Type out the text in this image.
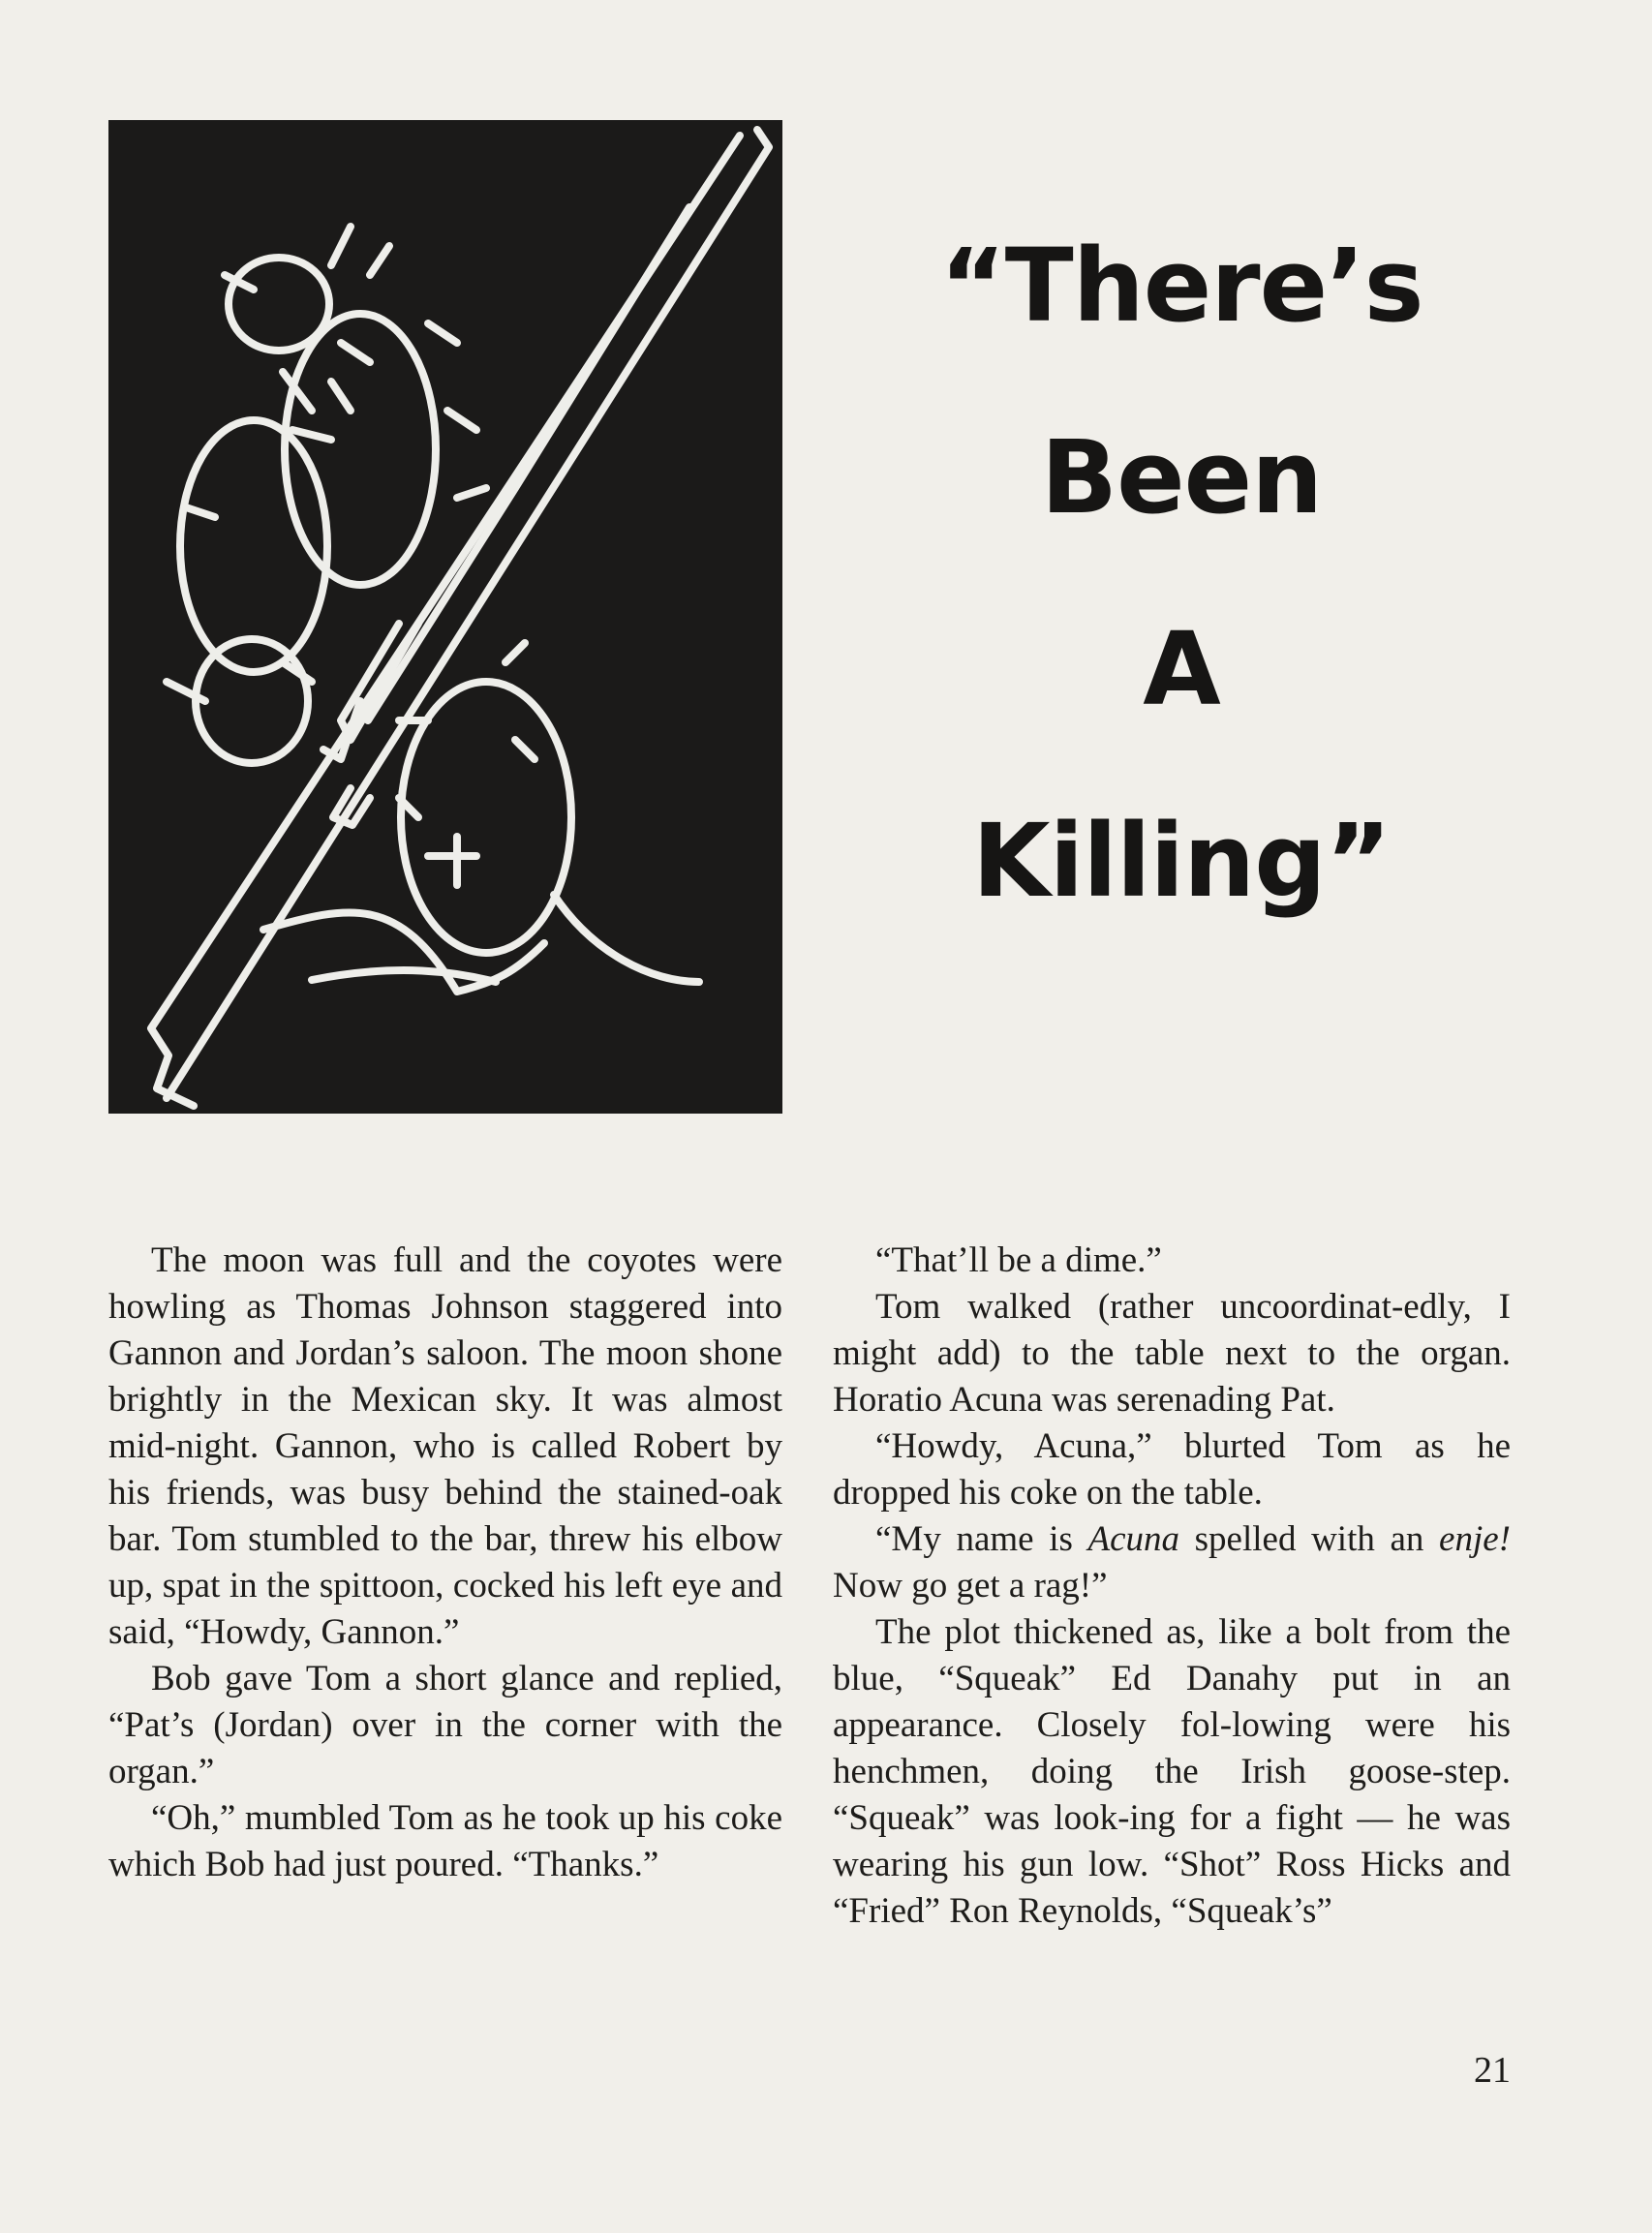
“There’s
Been
A
Killing”

The moon was full and the coyotes were howling as Thomas Johnson staggered into Gannon and Jordan’s saloon. The moon shone brightly in the Mexican sky. It was almost mid-night. Gannon, who is called Robert by his friends, was busy behind the stained-oak bar. Tom stumbled to the bar, threw his elbow up, spat in the spittoon, cocked his left eye and said, “Howdy, Gannon.”

Bob gave Tom a short glance and replied, “Pat’s (Jordan) over in the corner with the organ.”

“Oh,” mumbled Tom as he took up his coke which Bob had just poured. “Thanks.”

“That’ll be a dime.”

Tom walked (rather uncoordinat-edly, I might add) to the table next to the organ. Horatio Acuna was serenading Pat.

“Howdy, Acuna,” blurted Tom as he dropped his coke on the table.

“My name is Acuna spelled with an enje! Now go get a rag!”

The plot thickened as, like a bolt from the blue, “Squeak” Ed Danahy put in an appearance. Closely fol-lowing were his henchmen, doing the Irish goose-step. “Squeak” was look-ing for a fight — he was wearing his gun low. “Shot” Ross Hicks and “Fried” Ron Reynolds, “Squeak’s”

21
